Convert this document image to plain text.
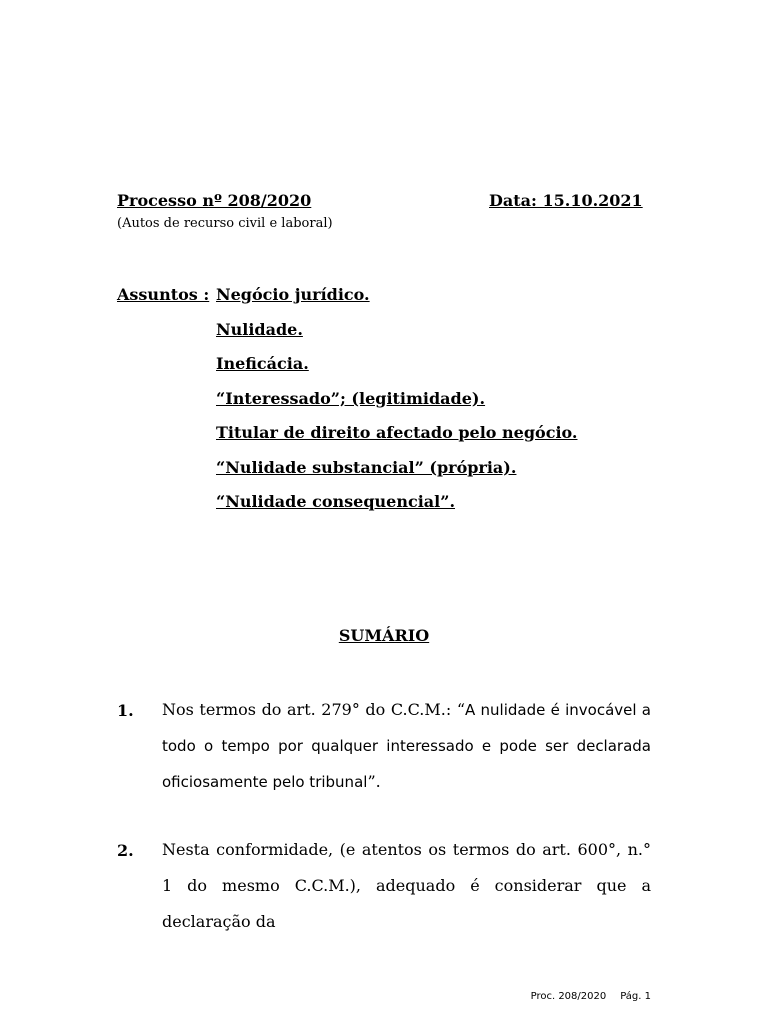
Processo nº 208/2020	Data: 15.10.2021
(Autos de recurso civil e laboral)
Assuntos : Negócio jurídico.
Nulidade.
Ineficácia.
“Interessado”; (legitimidade).
Titular de direito afectado pelo negócio.
“Nulidade substancial” (própria).
“Nulidade consequencial”.
SUMÁRIO
1. Nos termos do art. 279° do C.C.M.: “A nulidade é invocável a todo o tempo por qualquer interessado e pode ser declarada oficiosamente pelo tribunal”.
2. Nesta conformidade, (e atentos os termos do art. 600°, n.° 1 do mesmo C.C.M.), adequado é considerar que a declaração da
Proc. 208/2020 Pág. 1
